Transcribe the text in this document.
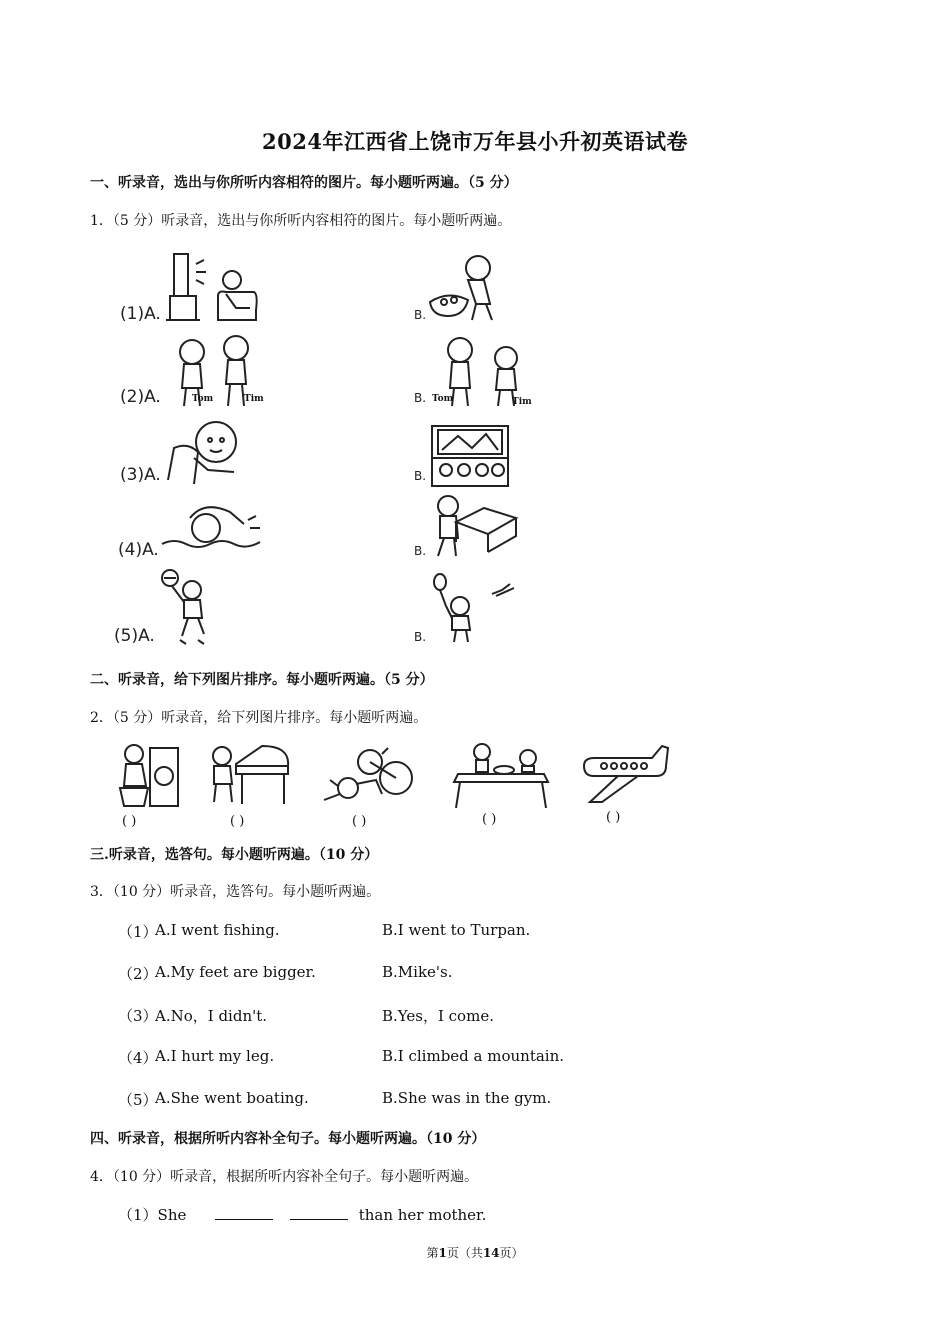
2024年江西省上饶市万年县小升初英语试卷
一、听录音，选出与你所听内容相符的图片。每小题听两遍。（5 分）
1．（5 分）听录音，选出与你所听内容相符的图片。每小题听两遍。
(1)A.	B.
(2)A.	Tom	Tim	B. Tom	Tim
(3)A.	B.
(4)A.	B.
(5)A.	B.
二、听录音，给下列图片排序。每小题听两遍。（5 分）
2．（5 分）听录音，给下列图片排序。每小题听两遍。
( )	( )	( )	( )	( )
三.听录音，选答句。每小题听两遍。（10 分）
3．（10 分）听录音，选答句。每小题听两遍。
（1）
A.I went fishing.	B.I went to Turpan.
（2）
A.My feet are bigger.	B.Mike's.
（3）
A.No，I didn't.	B.Yes，I come.
（4）
A.I hurt my leg.	B.I climbed a mountain.
（5）
A.She went boating.	B.She was in the gym.
四、听录音，根据所听内容补全句子。每小题听两遍。（10 分）
4．（10 分）听录音，根据所听内容补全句子。每小题听两遍。
（1）She	than her mother.
第1页（共14页）
